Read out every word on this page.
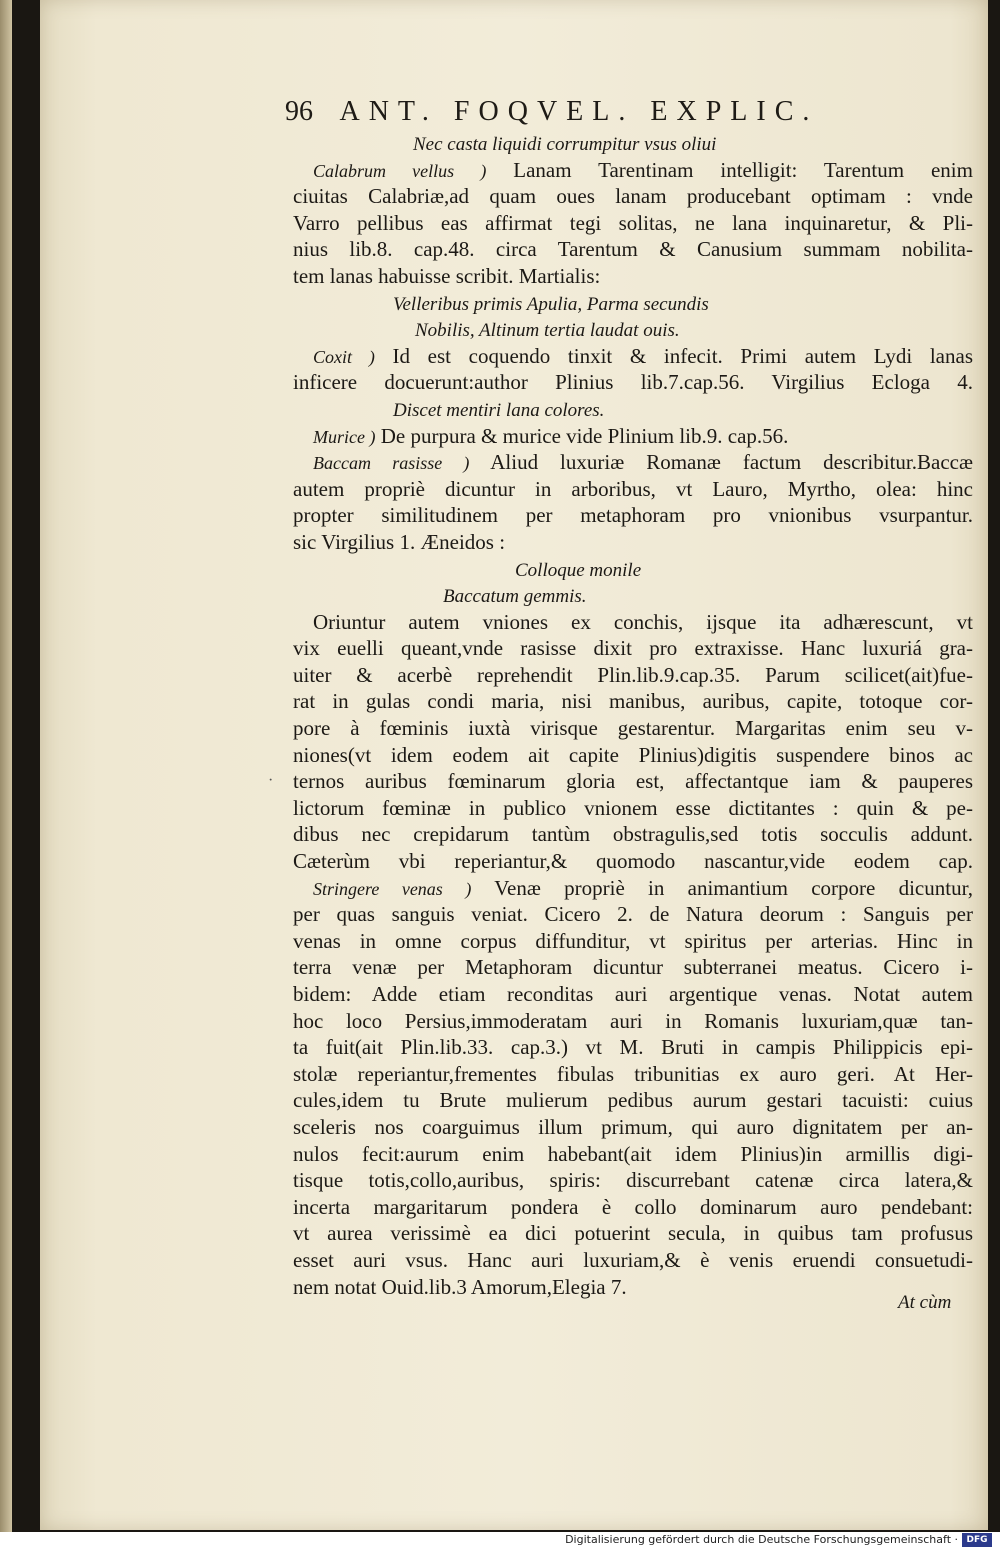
96 ANT. FOQVEL. EXPLIC.
·
Nec casta liquidi corrumpitur vsus oliui
Calabrum vellus ) Lanam Tarentinam intelligit: Tarentum enim
ciuitas Calabriæ,ad quam oues lanam producebant optimam : vnde
Varro pellibus eas affirmat tegi solitas, ne lana inquinaretur, & Pli-
nius lib.8. cap.48. circa Tarentum & Canusium summam nobilita-
tem lanas habuisse scribit. Martialis:
Velleribus primis Apulia, Parma secundis
Nobilis, Altinum tertia laudat ouis.
Coxit ) Id est coquendo tinxit & infecit. Primi autem Lydi lanas
inficere docuerunt:author Plinius lib.7.cap.56. Virgilius Ecloga 4.
Discet mentiri lana colores.
Murice ) De purpura & murice vide Plinium lib.9. cap.56.
Baccam rasisse ) Aliud luxuriæ Romanæ factum describitur.Baccæ
autem propriè dicuntur in arboribus, vt Lauro, Myrtho, olea: hinc
propter similitudinem per metaphoram pro vnionibus vsurpantur.
sic Virgilius 1. Æneidos :
Colloque monile
Baccatum gemmis.
Oriuntur autem vniones ex conchis, ijsque ita adhærescunt, vt
vix euelli queant,vnde rasisse dixit pro extraxisse. Hanc luxuriá gra-
uiter & acerbè reprehendit Plin.lib.9.cap.35. Parum scilicet(ait)fue-
rat in gulas condi maria, nisi manibus, auribus, capite, totoque cor-
pore à fœminis iuxtà virisque gestarentur. Margaritas enim seu v-
niones(vt idem eodem ait capite Plinius)digitis suspendere binos ac
ternos auribus fœminarum gloria est, affectantque iam & pauperes
lictorum fœminæ in publico vnionem esse dictitantes : quin & pe-
dibus nec crepidarum tantùm obstragulis,sed totis socculis addunt.
Cæterùm vbi reperiantur,& quomodo nascantur,vide eodem cap.
Stringere venas ) Venæ propriè in animantium corpore dicuntur,
per quas sanguis veniat. Cicero 2. de Natura deorum : Sanguis per
venas in omne corpus diffunditur, vt spiritus per arterias. Hinc in
terra venæ per Metaphoram dicuntur subterranei meatus. Cicero i-
bidem: Adde etiam reconditas auri argentique venas. Notat autem
hoc loco Persius,immoderatam auri in Romanis luxuriam,quæ tan-
ta fuit(ait Plin.lib.33. cap.3.) vt M. Bruti in campis Philippicis epi-
stolæ reperiantur,frementes fibulas tribunitias ex auro geri. At Her-
cules,idem tu Brute mulierum pedibus aurum gestari tacuisti: cuius
sceleris nos coarguimus illum primum, qui auro dignitatem per an-
nulos fecit:aurum enim habebant(ait idem Plinius)in armillis digi-
tisque totis,collo,auribus, spiris: discurrebant catenæ circa latera,&
incerta margaritarum pondera è collo dominarum auro pendebant:
vt aurea verissimè ea dici potuerint secula, in quibus tam profusus
esset auri vsus. Hanc auri luxuriam,& è venis eruendi consuetudi-
nem notat Ouid.lib.3 Amorum,Elegia 7.
At cùm
Digitalisierung gefördert durch die Deutsche Forschungsgemeinschaft · DFG
